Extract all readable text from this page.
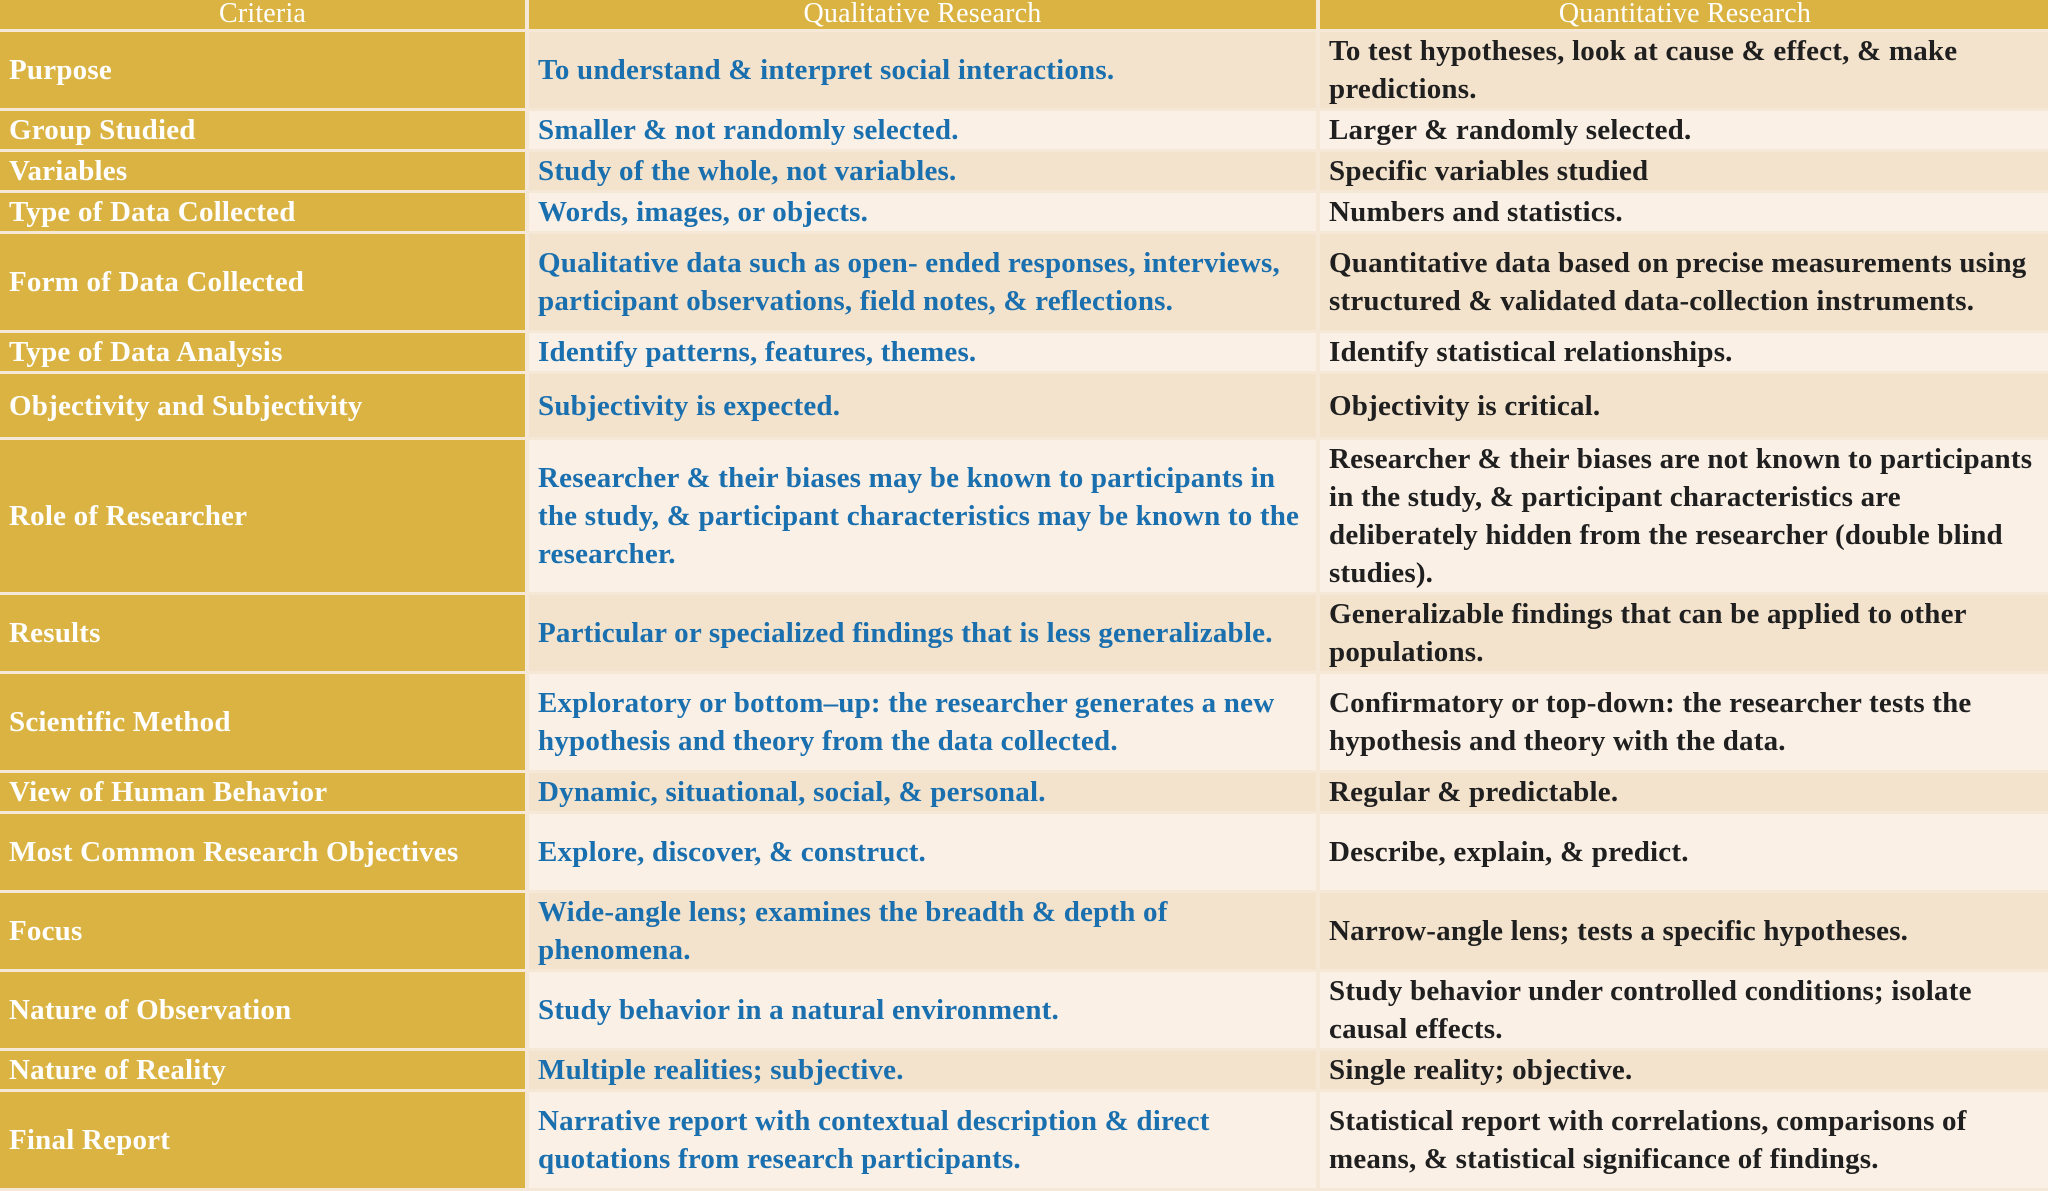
Criteria	Qualitative Research	Quantitative Research
Purpose	To understand & interpret social interactions.	To test hypotheses, look at cause & effect, & make predictions.
Group Studied	Smaller & not randomly selected.	Larger & randomly selected.
Variables	Study of the whole, not variables.	Specific variables studied
Type of Data Collected	Words, images, or objects.	Numbers and statistics.
Form of Data Collected	Qualitative data such as open- ended responses, interviews, participant observations, field notes, & reflections.	Quantitative data based on precise measurements using structured & validated data-collection instruments.
Type of Data Analysis	Identify patterns, features, themes.	Identify statistical relationships.
Objectivity and Subjectivity	Subjectivity is expected.	Objectivity is critical.
Role of Researcher	Researcher & their biases may be known to participants in the study, & participant characteristics may be known to the researcher.	Researcher & their biases are not known to participants in the study, & participant characteristics are deliberately hidden from the researcher (double blind studies).
Results	Particular or specialized findings that is less generalizable.	Generalizable findings that can be applied to other populations.
Scientific Method	Exploratory or bottom–up: the researcher generates a new hypothesis and theory from the data collected.	Confirmatory or top-down: the researcher tests the hypothesis and theory with the data.
View of Human Behavior	Dynamic, situational, social, & personal.	Regular & predictable.
Most Common Research Objectives	Explore, discover, & construct.	Describe, explain, & predict.
Focus	Wide-angle lens; examines the breadth & depth of phenomena.	Narrow-angle lens; tests a specific hypotheses.
Nature of Observation	Study behavior in a natural environment.	Study behavior under controlled conditions; isolate causal effects.
Nature of Reality	Multiple realities; subjective.	Single reality; objective.
Final Report	Narrative report with contextual description & direct quotations from research participants.	Statistical report with correlations, comparisons of means, & statistical significance of findings.
